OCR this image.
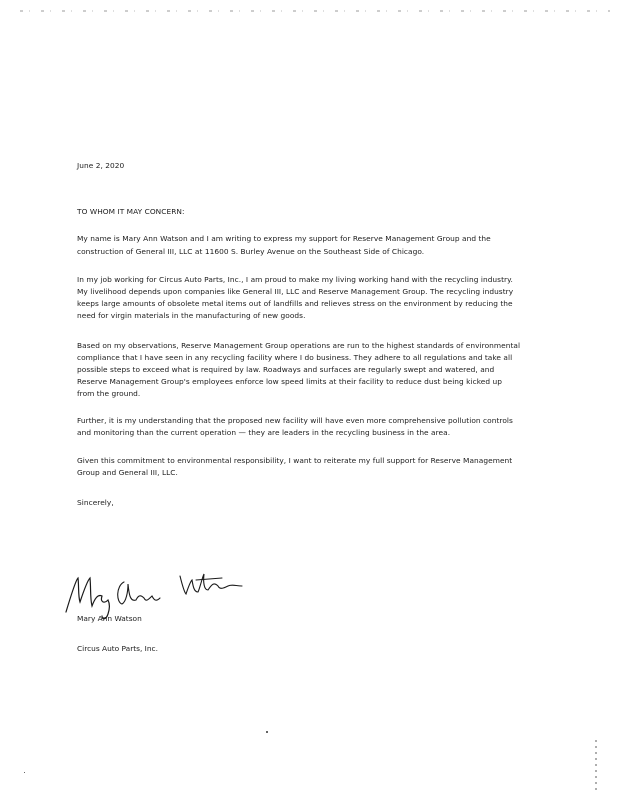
June 2, 2020
TO WHOM IT MAY CONCERN:

My name is Mary Ann Watson and I am writing to express my support for Reserve Management Group and the construction of General III, LLC at 11600 S. Burley Avenue on the Southeast Side of Chicago.

In my job working for Circus Auto Parts, Inc., I am proud to make my living working hand with the recycling industry. My livelihood depends upon companies like General III, LLC and Reserve Management Group. The recycling industry keeps large amounts of obsolete metal items out of landfills and relieves stress on the environment by reducing the need for virgin materials in the manufacturing of new goods.

Based on my observations, Reserve Management Group operations are run to the highest standards of environmental compliance that I have seen in any recycling facility where I do business. They adhere to all regulations and take all possible steps to exceed what is required by law. Roadways and surfaces are regularly swept and watered, and Reserve Management Group's employees enforce low speed limits at their facility to reduce dust being kicked up from the ground.

Further, it is my understanding that the proposed new facility will have even more comprehensive pollution controls and monitoring than the current operation — they are leaders in the recycling business in the area.

Given this commitment to environmental responsibility, I want to reiterate my full support for Reserve Management Group and General III, LLC.

Sincerely,
Mary Ann Watson
Circus Auto Parts, Inc.
